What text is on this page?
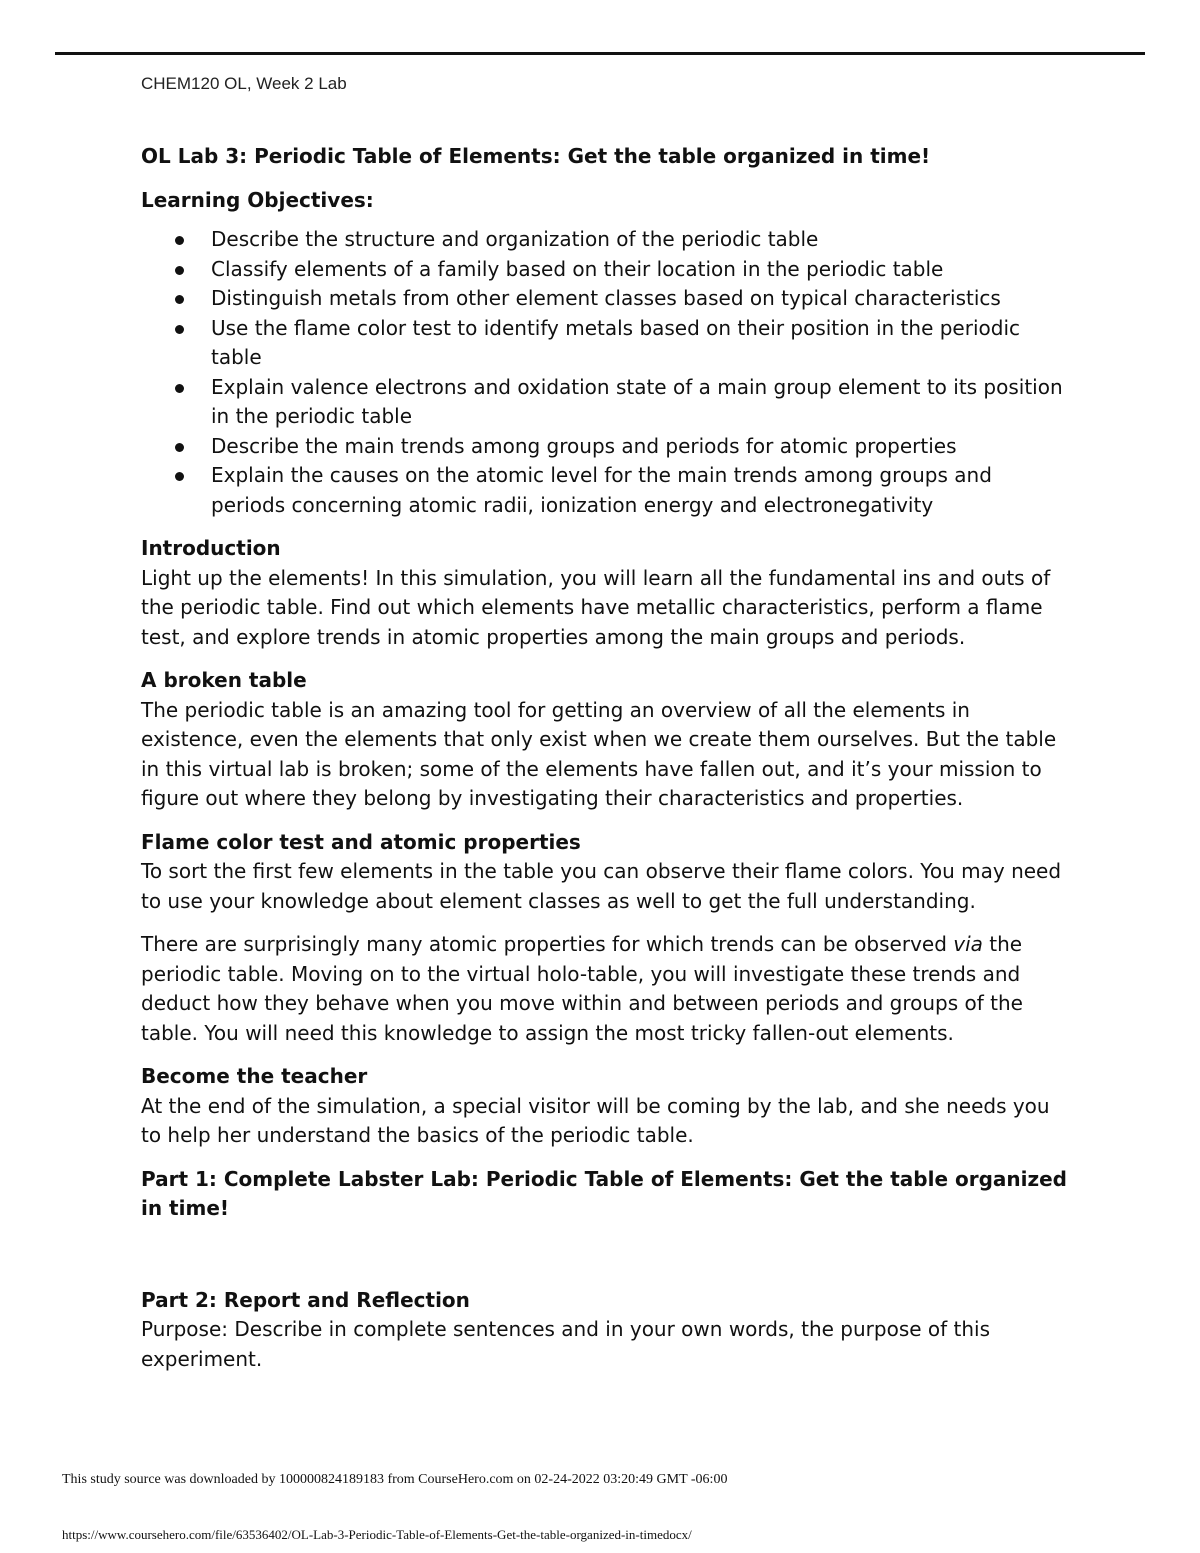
CHEM120 OL, Week 2 Lab
OL Lab 3: Periodic Table of Elements: Get the table organized in time!
Learning Objectives:
Describe the structure and organization of the periodic table
Classify elements of a family based on their location in the periodic table
Distinguish metals from other element classes based on typical characteristics
Use the flame color test to identify metals based on their position in the periodic table
Explain valence electrons and oxidation state of a main group element to its position in the periodic table
Describe the main trends among groups and periods for atomic properties
Explain the causes on the atomic level for the main trends among groups and periods concerning atomic radii, ionization energy and electronegativity
Introduction

Light up the elements! In this simulation, you will learn all the fundamental ins and outs of the periodic table. Find out which elements have metallic characteristics, perform a flame test, and explore trends in atomic properties among the main groups and periods.

A broken table

The periodic table is an amazing tool for getting an overview of all the elements in existence, even the elements that only exist when we create them ourselves. But the table in this virtual lab is broken; some of the elements have fallen out, and it’s your mission to figure out where they belong by investigating their characteristics and properties.

Flame color test and atomic properties

To sort the first few elements in the table you can observe their flame colors. You may need to use your knowledge about element classes as well to get the full understanding.

There are surprisingly many atomic properties for which trends can be observed via the periodic table. Moving on to the virtual holo-table, you will investigate these trends and deduct how they behave when you move within and between periods and groups of the table. You will need this knowledge to assign the most tricky fallen-out elements.

Become the teacher

At the end of the simulation, a special visitor will be coming by the lab, and she needs you to help her understand the basics of the periodic table.

Part 1: Complete Labster Lab: Periodic Table of Elements: Get the table organized in time!
Part 2: Report and Reflection

Purpose: Describe in complete sentences and in your own words, the purpose of this experiment.

This study source was downloaded by 100000824189183 from CourseHero.com on 02-24-2022 03:20:49 GMT -06:00
https://www.coursehero.com/file/63536402/OL-Lab-3-Periodic-Table-of-Elements-Get-the-table-organized-in-timedocx/
